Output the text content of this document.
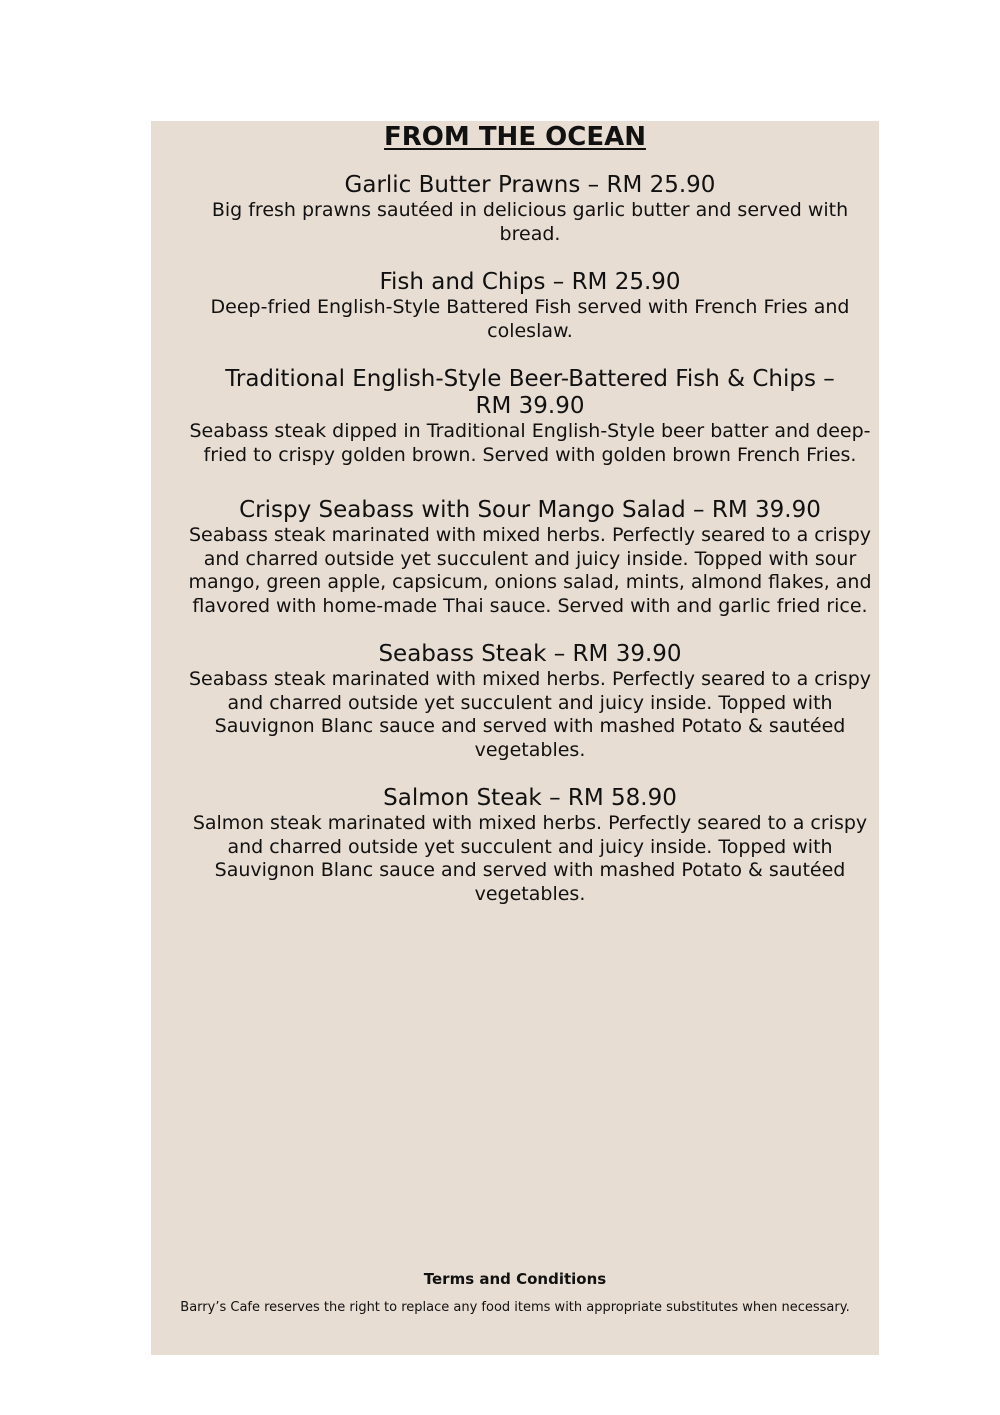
FROM THE OCEAN
Garlic Butter Prawns – RM 25.90
Big fresh prawns sautéed in delicious garlic butter and served with bread.
Fish and Chips – RM 25.90
Deep-fried English-Style Battered Fish served with French Fries and coleslaw.
Traditional English-Style Beer-Battered Fish & Chips – RM 39.90
Seabass steak dipped in Traditional English-Style beer batter and deep-fried to crispy golden brown. Served with golden brown French Fries.
Crispy Seabass with Sour Mango Salad – RM 39.90
Seabass steak marinated with mixed herbs. Perfectly seared to a crispy and charred outside yet succulent and juicy inside. Topped with sour mango, green apple, capsicum, onions salad, mints, almond flakes, and flavored with home-made Thai sauce. Served with and garlic fried rice.
Seabass Steak – RM 39.90
Seabass steak marinated with mixed herbs. Perfectly seared to a crispy and charred outside yet succulent and juicy inside. Topped with Sauvignon Blanc sauce and served with mashed Potato & sautéed vegetables.
Salmon Steak – RM 58.90
Salmon steak marinated with mixed herbs. Perfectly seared to a crispy and charred outside yet succulent and juicy inside. Topped with Sauvignon Blanc sauce and served with mashed Potato & sautéed vegetables.
Terms and Conditions
Barry’s Cafe reserves the right to replace any food items with appropriate substitutes when necessary.
